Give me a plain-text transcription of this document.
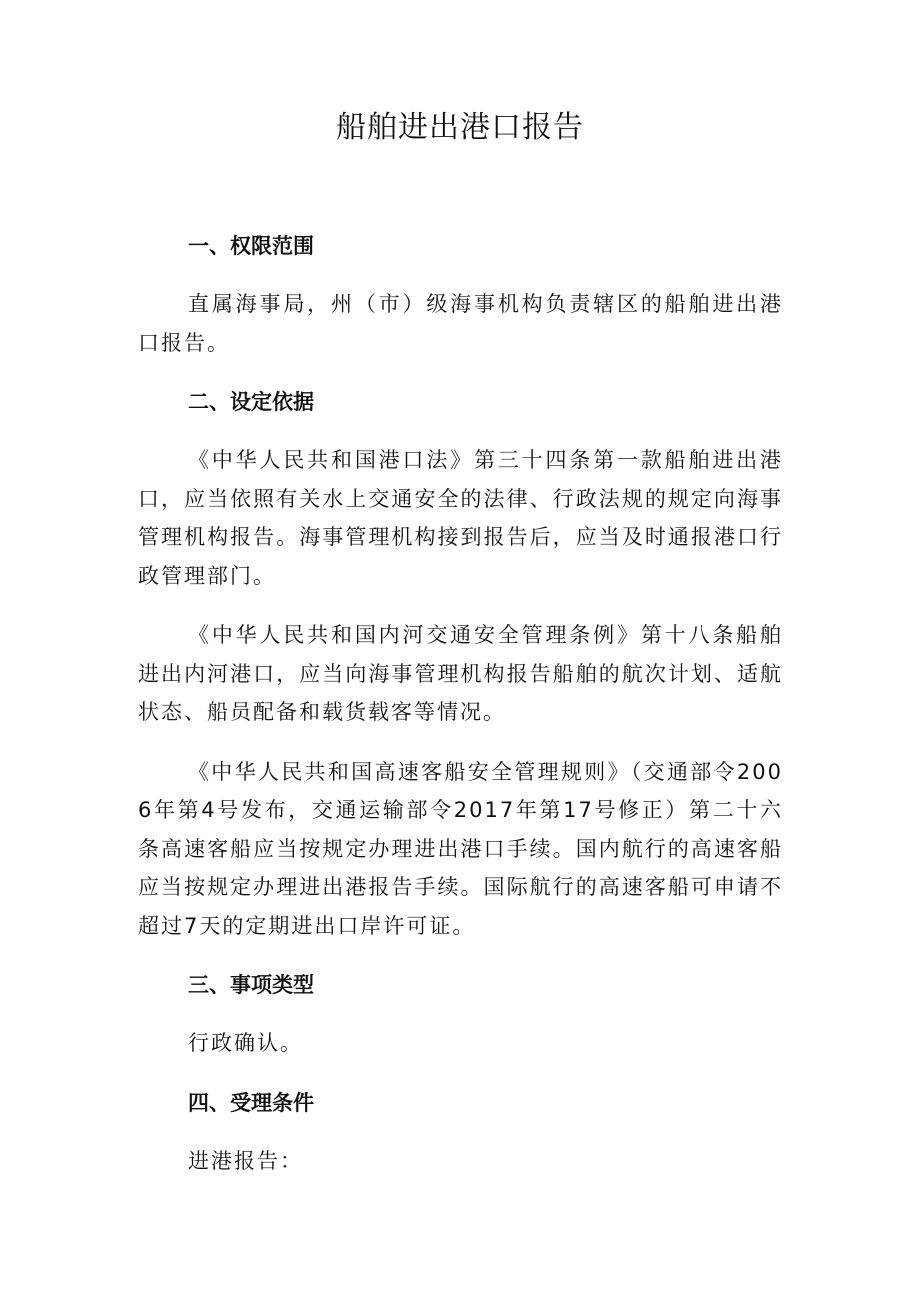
船舶进出港口报告
一、权限范围

直属海事局，州（市）级海事机构负责辖区的船舶进出港口报告。

二、设定依据

《中华人民共和国港口法》第三十四条第一款船舶进出港口，应当依照有关水上交通安全的法律、行政法规的规定向海事管理机构报告。海事管理机构接到报告后，应当及时通报港口行政管理部门。

《中华人民共和国内河交通安全管理条例》第十八条船舶进出内河港口，应当向海事管理机构报告船舶的航次计划、适航状态、船员配备和载货载客等情况。

《中华人民共和国高速客船安全管理规则》（交通部令2006年第4号发布，交通运输部令2017年第17号修正）第二十六条高速客船应当按规定办理进出港口手续。国内航行的高速客船应当按规定办理进出港报告手续。国际航行的高速客船可申请不超过7天的定期进出口岸许可证。

三、事项类型

行政确认。

四、受理条件

进港报告：
